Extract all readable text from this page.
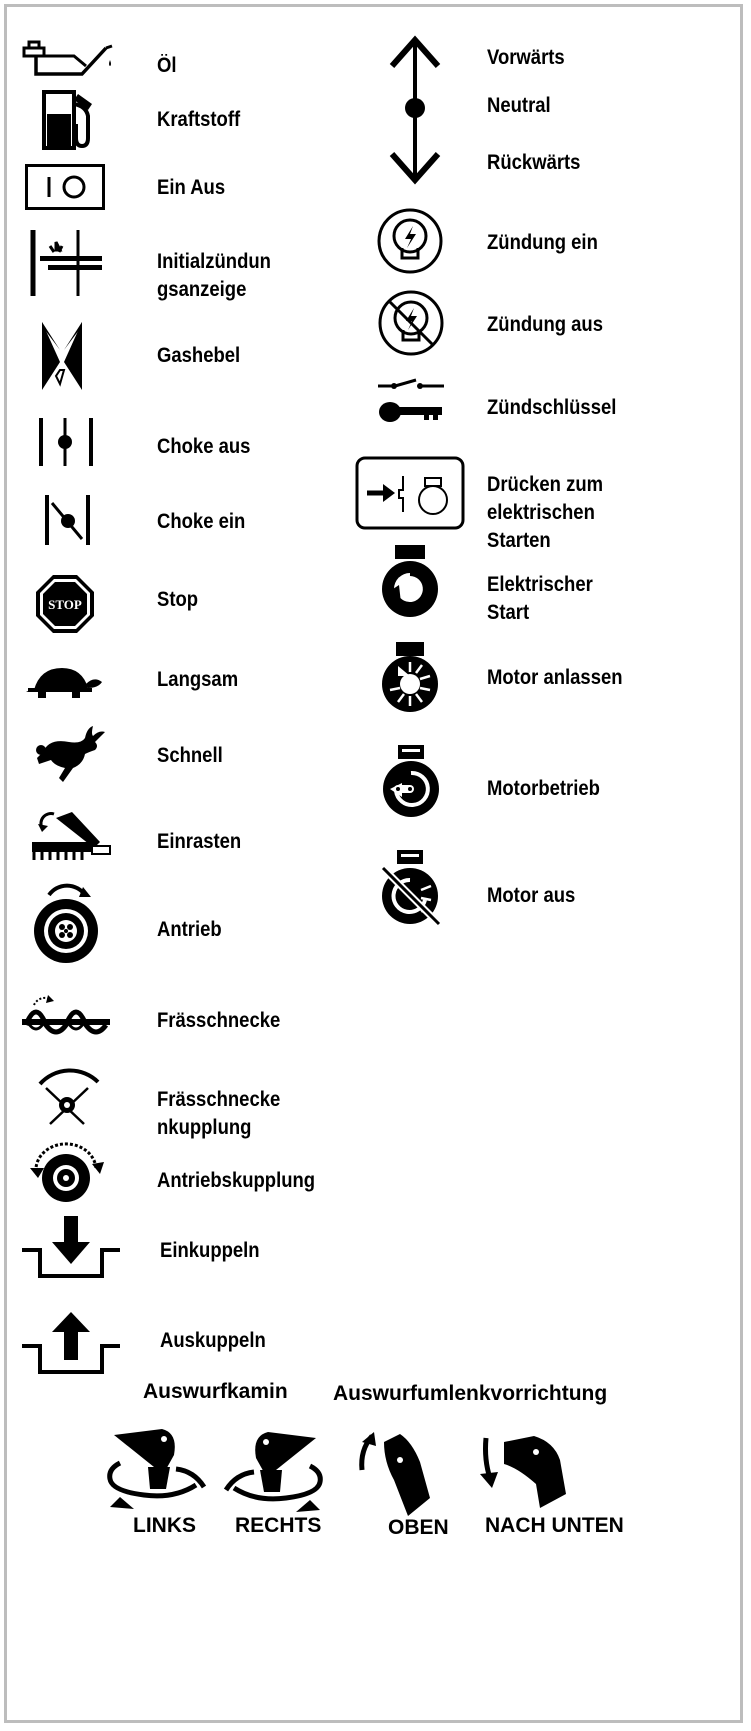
Öl
Kraftstoff
Ein Aus
Initialzündun
gsanzeige
Gashebel
Choke aus
Choke ein
STOP	Stop
Langsam
Schnell
Einrasten
Antrieb
Frässchnecke
Frässchnecke
nkupplung
Antriebskupplung
Einkuppeln
Auskuppeln
Vorwärts
Neutral
Rückwärts
Zündung ein
Zündung aus
Zündschlüssel
Drücken zum
elektrischen
Starten
Elektrischer
Start
Motor anlassen
Motorbetrieb
Motor aus
Auswurfkamin Auswurfumlenkvorrichtung
LINKS RECHTS	OBEN NACH UNTEN
